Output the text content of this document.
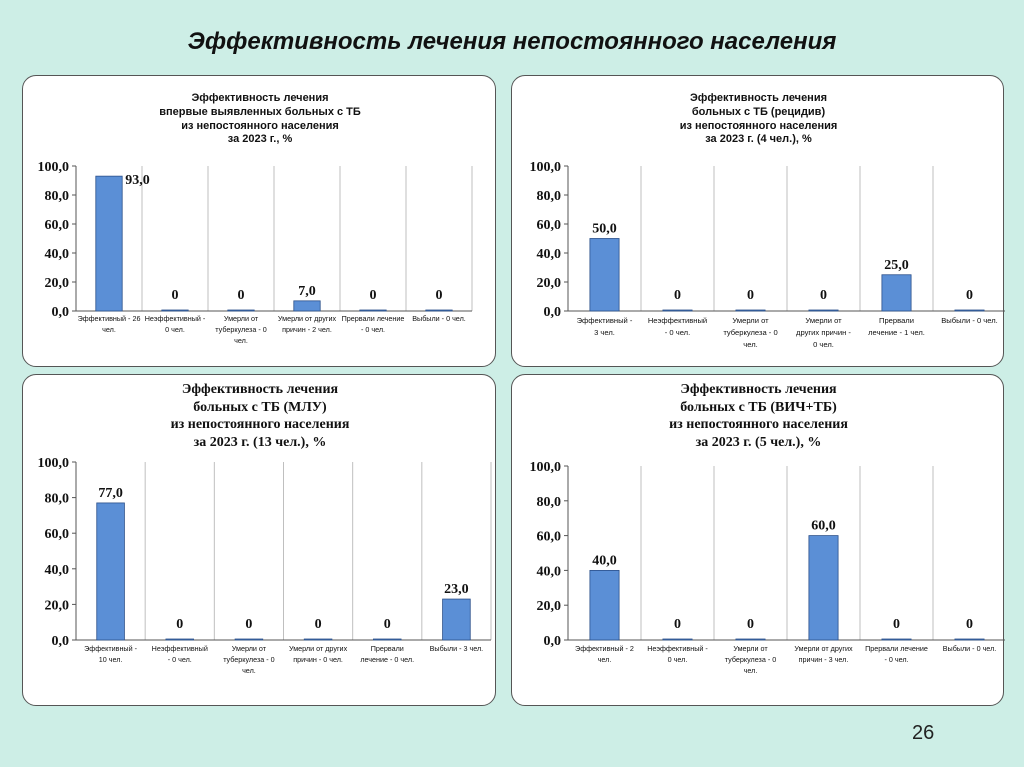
Эффективность лечения непостоянного населения
0,0
20,0
40,0
60,0
80,0
100,0
93,0
Эффективный - 26
чел.
0
Неэффективный -
0 чел.
0
Умерли от
туберкулеза - 0
чел.
7,0
Умерли от других
причин - 2 чел.
0
Прервали лечение
- 0 чел.
0
Выбыли - 0 чел.
Эффективность лечения
впервые выявленных больных с ТБ
из непостоянного населения
за 2023 г., %
0,0
20,0
40,0
60,0
80,0
100,0
50,0
Эффективный -
3 чел.
0
Неэффективный
- 0 чел.
0
Умерли от
туберкулеза - 0
чел.
0
Умерли от
других причин -
0 чел.
25,0
Прервали
лечение - 1 чел.
0
Выбыли - 0 чел.
Эффективность лечения
больных с ТБ (рецидив)
из непостоянного населения
за 2023 г. (4 чел.), %
0,0
20,0
40,0
60,0
80,0
100,0
77,0
Эффективный -
10 чел.
0
Неэффективный
- 0 чел.
0
Умерли от
туберкулеза - 0
чел.
0
Умерли от других
причин - 0 чел.
0
Прервали
лечение - 0 чел.
23,0
Выбыли - 3 чел.
Эффективность лечения
больных с ТБ (МЛУ)
из непостоянного населения
за 2023 г. (13 чел.), %
0,0
20,0
40,0
60,0
80,0
100,0
40,0
Эффективный - 2
чел.
0
Неэффективный -
0 чел.
0
Умерли от
туберкулеза - 0
чел.
60,0
Умерли от других
причин - 3 чел.
0
Прервали лечение
- 0 чел.
0
Выбыли - 0 чел.
Эффективность лечения
больных с ТБ (ВИЧ+ТБ)
из непостоянного населения
за 2023 г. (5 чел.), %
26
